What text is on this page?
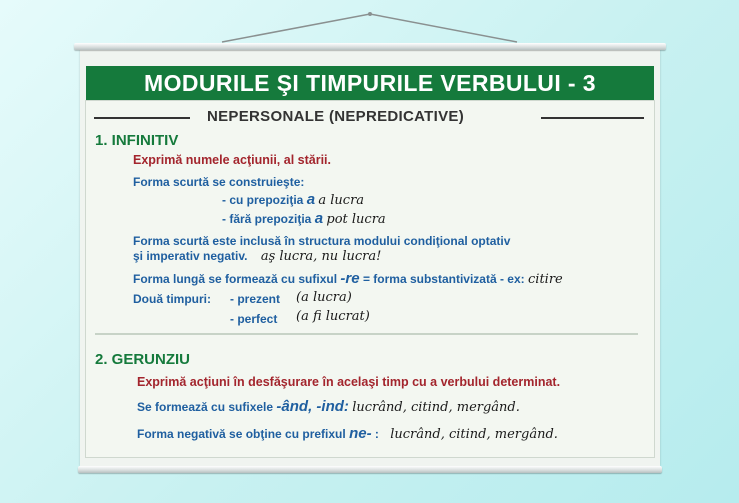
MODURILE ŞI TIMPURILE VERBULUI - 3
NEPERSONALE (NEPREDICATIVE)
1. INFINITIV
Exprimă numele acţiunii, al stării.
Forma scurtă se construieşte:
- cu prepoziţia a a lucra
- fără prepoziţia a pot lucra
Forma scurtă este inclusă în structura modului condiţional optativ
şi imperativ negativ. aş lucra, nu lucra!
Forma lungă se formează cu sufixul -re = forma substantivizată - ex: citire
Două timpuri: - prezent (a lucra)
- perfect (a fi lucrat)
2. GERUNZIU
Exprimă acţiuni în desfăşurare în acelaşi timp cu a verbului determinat.
Se formează cu sufixele -ând, -ind: lucrând, citind, mergând.
Forma negativă se obţine cu prefixul ne- : lucrând, citind, mergând.
